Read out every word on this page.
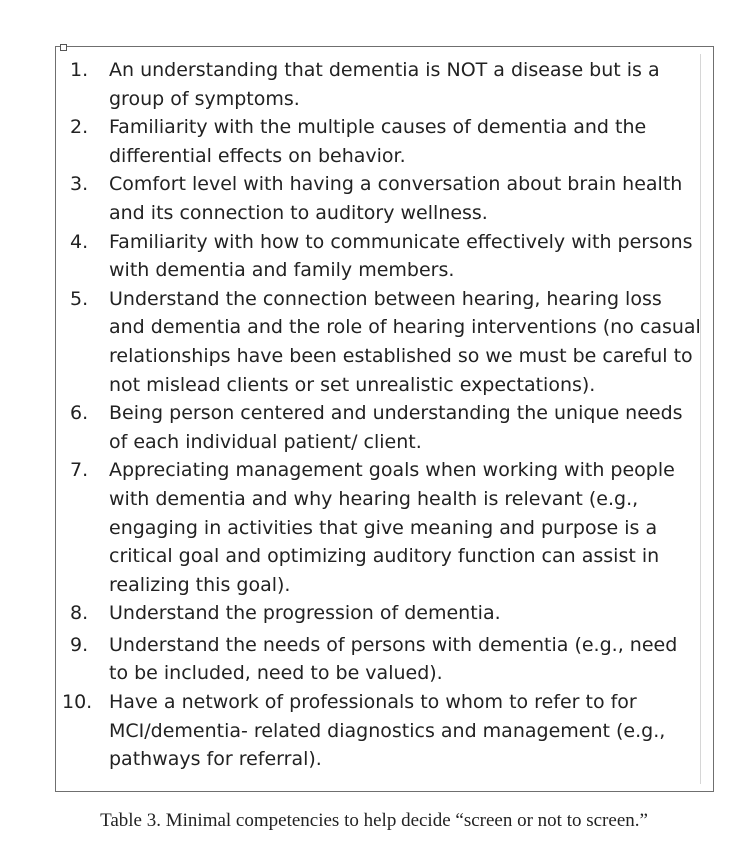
1.	An understanding that dementia is NOT a disease but is a group of symptoms.
2.	Familiarity with the multiple causes of dementia and the differential effects on behavior.
3.	Comfort level with having a conversation about brain health and its connection to auditory wellness.
4.	Familiarity with how to communicate effectively with persons with dementia and family members.
5.	Understand the connection between hearing, hearing loss and dementia and the role of hearing interventions (no casual relationships have been established so we must be careful to not mislead clients or set unrealistic expectations).
6.	Being person centered and understanding the unique needs of each individual patient/ client.
7.	Appreciating management goals when working with people with dementia and why hearing health is relevant (e.g., engaging in activities that give meaning and purpose is a critical goal and optimizing auditory function can assist in realizing this goal).
8.	Understand the progression of dementia.
9.	Understand the needs of persons with dementia (e.g., need to be included, need to be valued).
10. Have a network of professionals to whom to refer to for MCI/dementia- related diagnostics and management (e.g., pathways for referral).
Table 3. Minimal competencies to help decide “screen or not to screen.”
